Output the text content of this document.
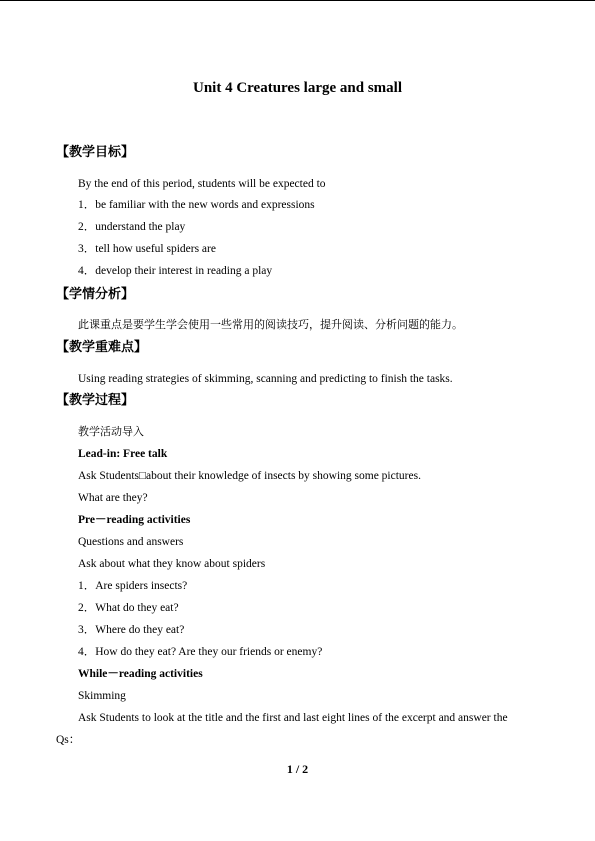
Unit 4 Creatures large and small
【教学目标】
By the end of this period, students will be expected to
1．be familiar with the new words and expressions
2．understand the play
3．tell how useful spiders are
4．develop their interest in reading a play
【学情分析】
此课重点是要学生学会使用一些常用的阅读技巧，提升阅读、分析问题的能力。
【教学重难点】
Using reading strategies of skimming, scanning and predicting to finish the tasks.
【教学过程】
教学活动导入
Lead-in: Free talk
Ask Students□about their knowledge of insects by showing some pictures.
What are they?
Pre－reading activities
Questions and answers
Ask about what they know about spiders
1．Are spiders insects?
2．What do they eat?
3．Where do they eat?
4．How do they eat? Are they our friends or enemy?
While－reading activities
Skimming
Ask Students to look at the title and the first and last eight lines of the excerpt and answer the
Qs：
1 / 2
